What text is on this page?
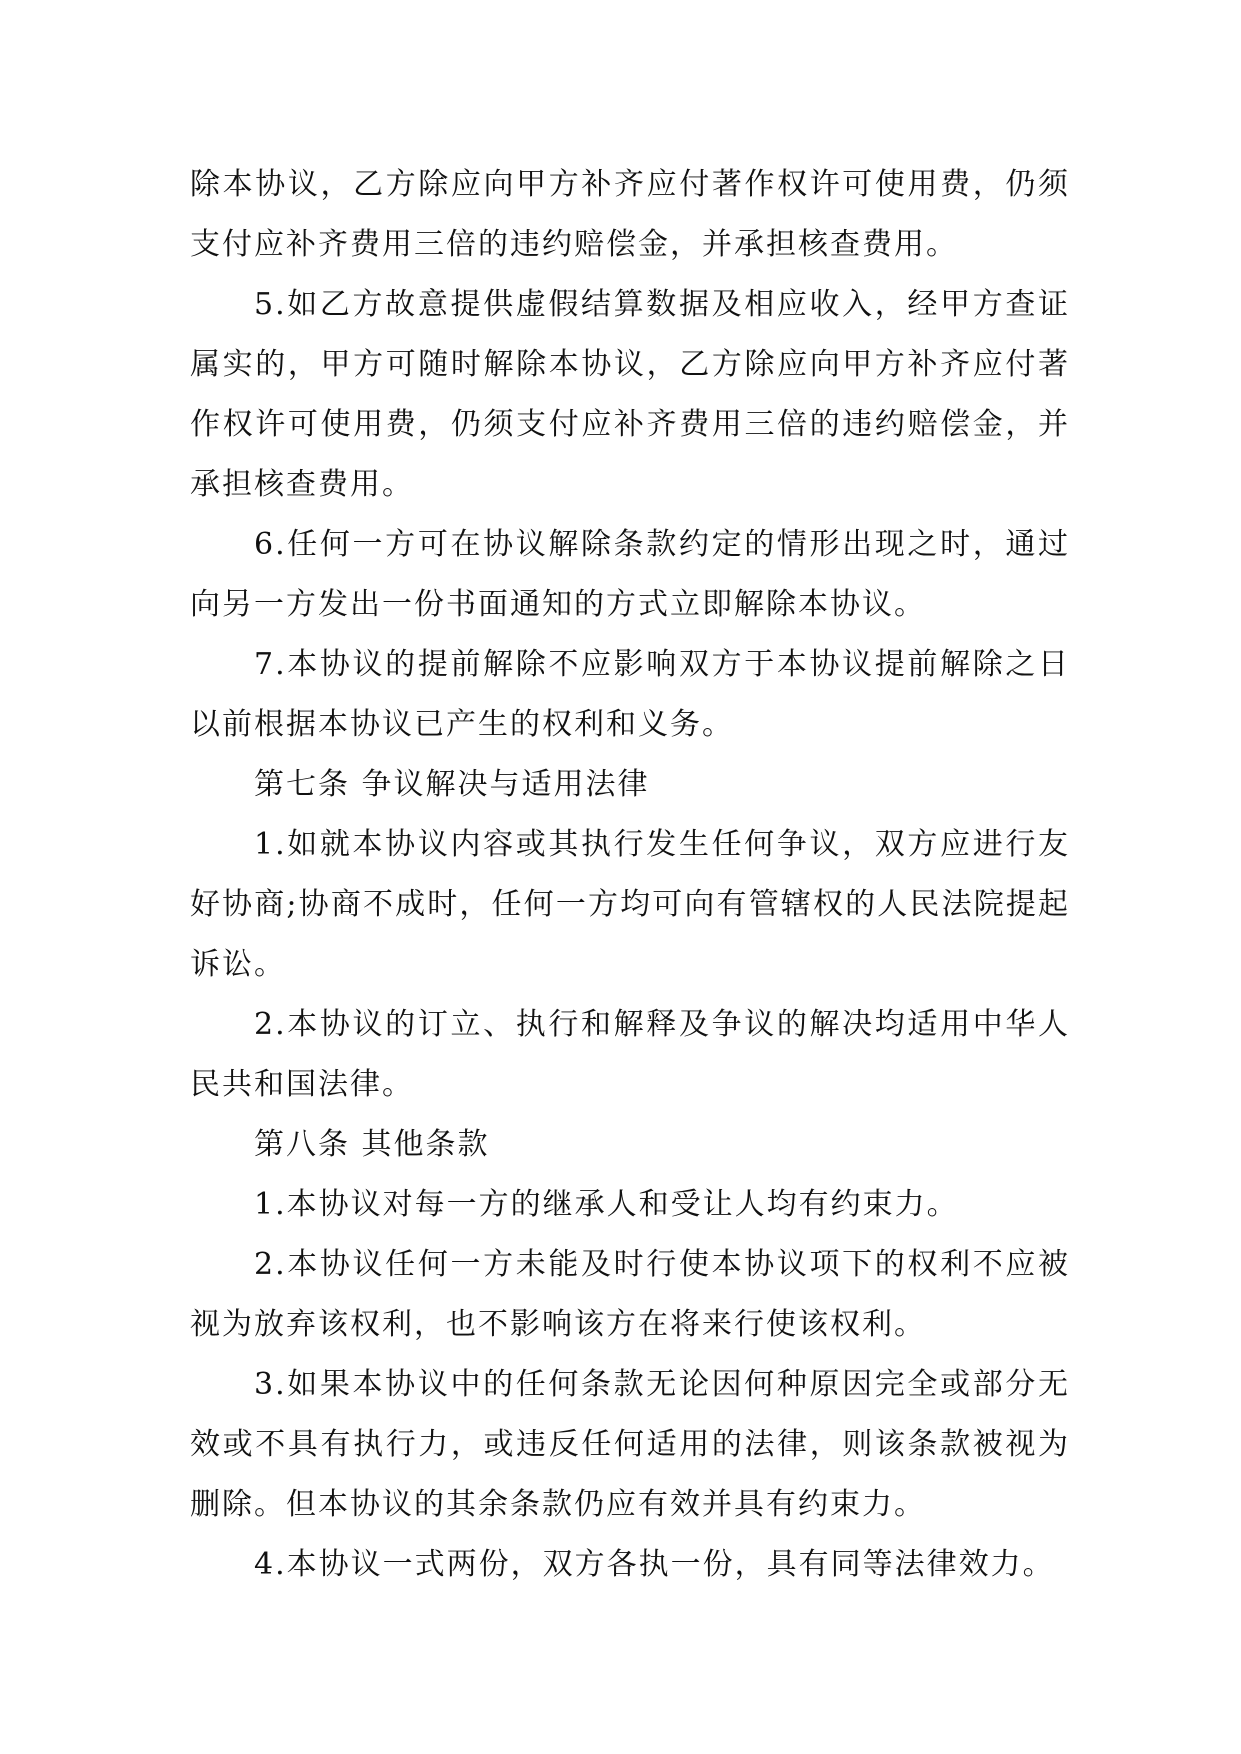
除本协议，乙方除应向甲方补齐应付著作权许可使用费，仍须支付应补齐费用三倍的违约赔偿金，并承担核查费用。

5.如乙方故意提供虚假结算数据及相应收入，经甲方查证属实的，甲方可随时解除本协议，乙方除应向甲方补齐应付著作权许可使用费，仍须支付应补齐费用三倍的违约赔偿金，并承担核查费用。

6.任何一方可在协议解除条款约定的情形出现之时，通过向另一方发出一份书面通知的方式立即解除本协议。

7.本协议的提前解除不应影响双方于本协议提前解除之日以前根据本协议已产生的权利和义务。

第七条 争议解决与适用法律

1.如就本协议内容或其执行发生任何争议，双方应进行友好协商;协商不成时，任何一方均可向有管辖权的人民法院提起诉讼。

2.本协议的订立、执行和解释及争议的解决均适用中华人民共和国法律。

第八条 其他条款

1.本协议对每一方的继承人和受让人均有约束力。

2.本协议任何一方未能及时行使本协议项下的权利不应被视为放弃该权利，也不影响该方在将来行使该权利。

3.如果本协议中的任何条款无论因何种原因完全或部分无效或不具有执行力，或违反任何适用的法律，则该条款被视为删除。但本协议的其余条款仍应有效并具有约束力。

4.本协议一式两份，双方各执一份，具有同等法律效力。
